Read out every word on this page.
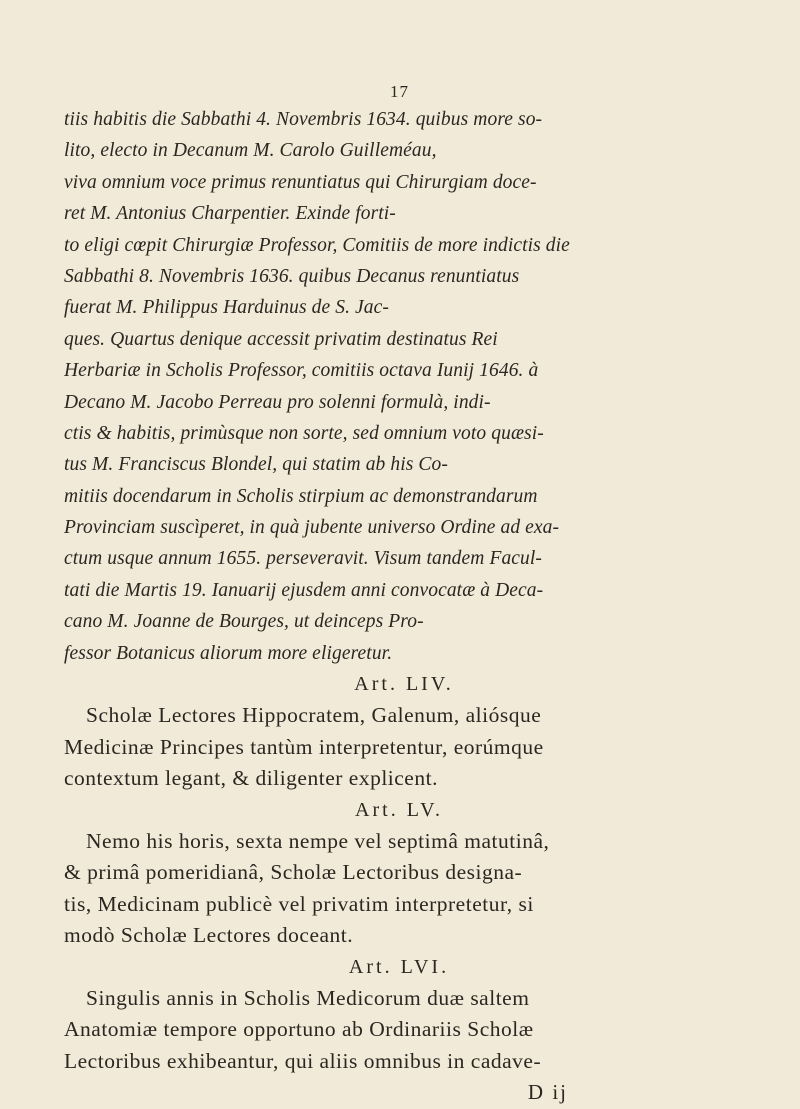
17
tiis habitis die Sabbathi 4. Novembris 1634. quibus more so-
lito, electo in Decanum M. Carolo Guilleméau,
viva omnium voce primus renuntiatus qui Chirurgiam doce-
ret M. Antonius Charpentier. Exinde forti-
to eligi cœpit Chirurgiæ Professor, Comitiis de more indictis die
Sabbathi 8. Novembris 1636. quibus Decanus renuntiatus
fuerat M. Philippus Harduinus de S. Jac-
ques. Quartus denique accessit privatim destinatus Rei
Herbariæ in Scholis Professor, comitiis octava Iunij 1646. à
Decano M. Jacobo Perreau pro solenni formulà, indi-
ctis & habitis, primùsque non sorte, sed omnium voto quæsi-
tus M. Franciscus Blondel, qui statim ab his Co-
mitiis docendarum in Scholis stirpium ac demonstrandarum
Provinciam suscìperet, in quà jubente universo Ordine ad exa-
ctum usque annum 1655. perseveravit. Visum tandem Facul-
tati die Martis 19. Ianuarij ejusdem anni convocatæ à Deca-
cano M. Joanne de Bourges, ut deinceps Pro-
fessor Botanicus aliorum more eligeretur.
Art. LIV.
Scholæ Lectores Hippocratem, Galenum, aliósque
Medicinæ Principes tantùm interpretentur, eorúmque
contextum legant, & diligenter explicent.
Art. LV.
Nemo his horis, sexta nempe vel septimâ matutinâ,
& primâ pomeridianâ, Scholæ Lectoribus designa-
tis, Medicinam publicè vel privatim interpretetur, si
modò Scholæ Lectores doceant.
Art. LVI.
Singulis annis in Scholis Medicorum duæ saltem
Anatomiæ tempore opportuno ab Ordinariis Scholæ
Lectoribus exhibeantur, qui aliis omnibus in cadave-
D ij
